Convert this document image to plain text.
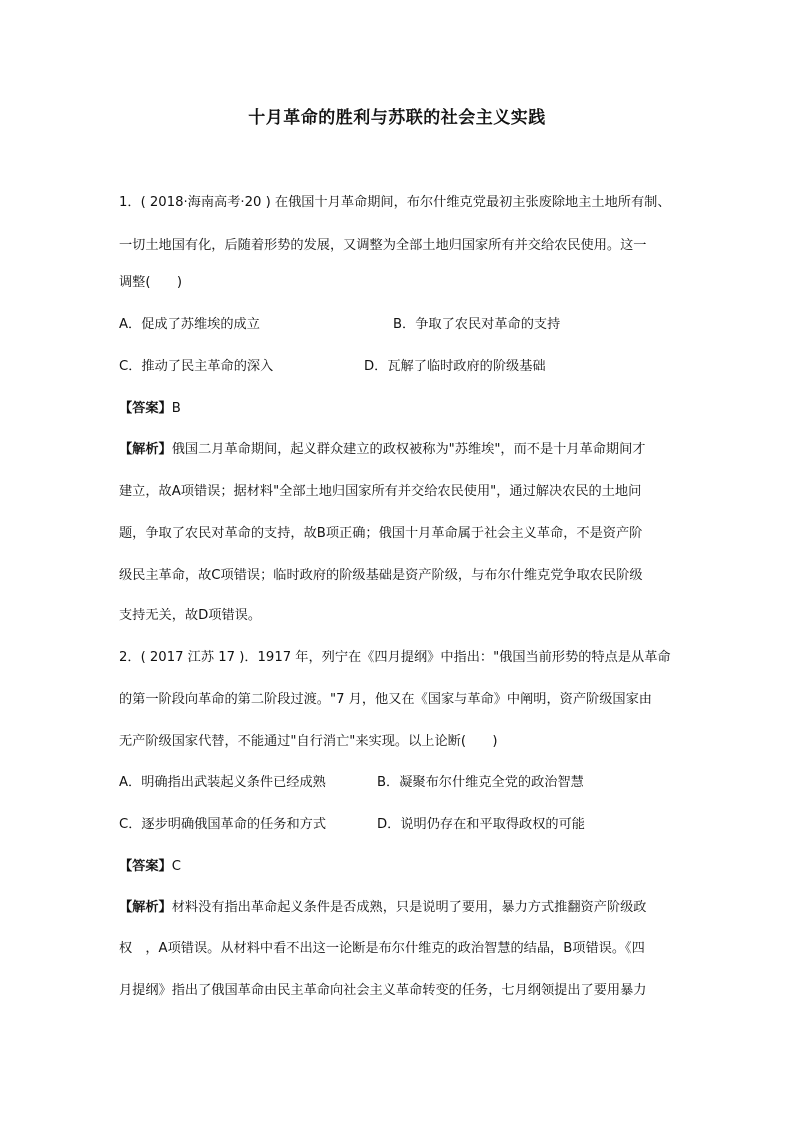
十月革命的胜利与苏联的社会主义实践
1．( 2018·海南高考·20 ) 在俄国十月革命期间，布尔什维克党最初主张废除地主土地所有制、
一切土地国有化，后随着形势的发展，又调整为全部土地归国家所有并交给农民使用。这一
调整(　　)
A．促成了苏维埃的成立	B．争取了农民对革命的支持
C．推动了民主革命的深入	D．瓦解了临时政府的阶级基础
【答案】B
【解析】俄国二月革命期间，起义群众建立的政权被称为"苏维埃"，而不是十月革命期间才
建立，故A项错误；据材料"全部土地归国家所有并交给农民使用"，通过解决农民的土地问
题，争取了农民对革命的支持，故B项正确；俄国十月革命属于社会主义革命，不是资产阶
级民主革命，故C项错误；临时政府的阶级基础是资产阶级，与布尔什维克党争取农民阶级
支持无关，故D项错误。
2．( 2017 江苏 17 )．1917 年，列宁在《四月提纲》中指出："俄国当前形势的特点是从革命
的第一阶段向革命的第二阶段过渡。"7 月，他又在《国家与革命》中阐明，资产阶级国家由
无产阶级国家代替，不能通过"自行消亡"来实现。以上论断(　　)
A．明确指出武装起义条件已经成熟	B．凝聚布尔什维克全党的政治智慧
C．逐步明确俄国革命的任务和方式	D．说明仍存在和平取得政权的可能
【答案】C
【解析】材料没有指出革命起义条件是否成熟，只是说明了要用，暴力方式推翻资产阶级政
权　，A项错误。从材料中看不出这一论断是布尔什维克的政治智慧的结晶，B项错误。《四
月提纲》指出了俄国革命由民主革命向社会主义革命转变的任务，七月纲领提出了要用暴力
